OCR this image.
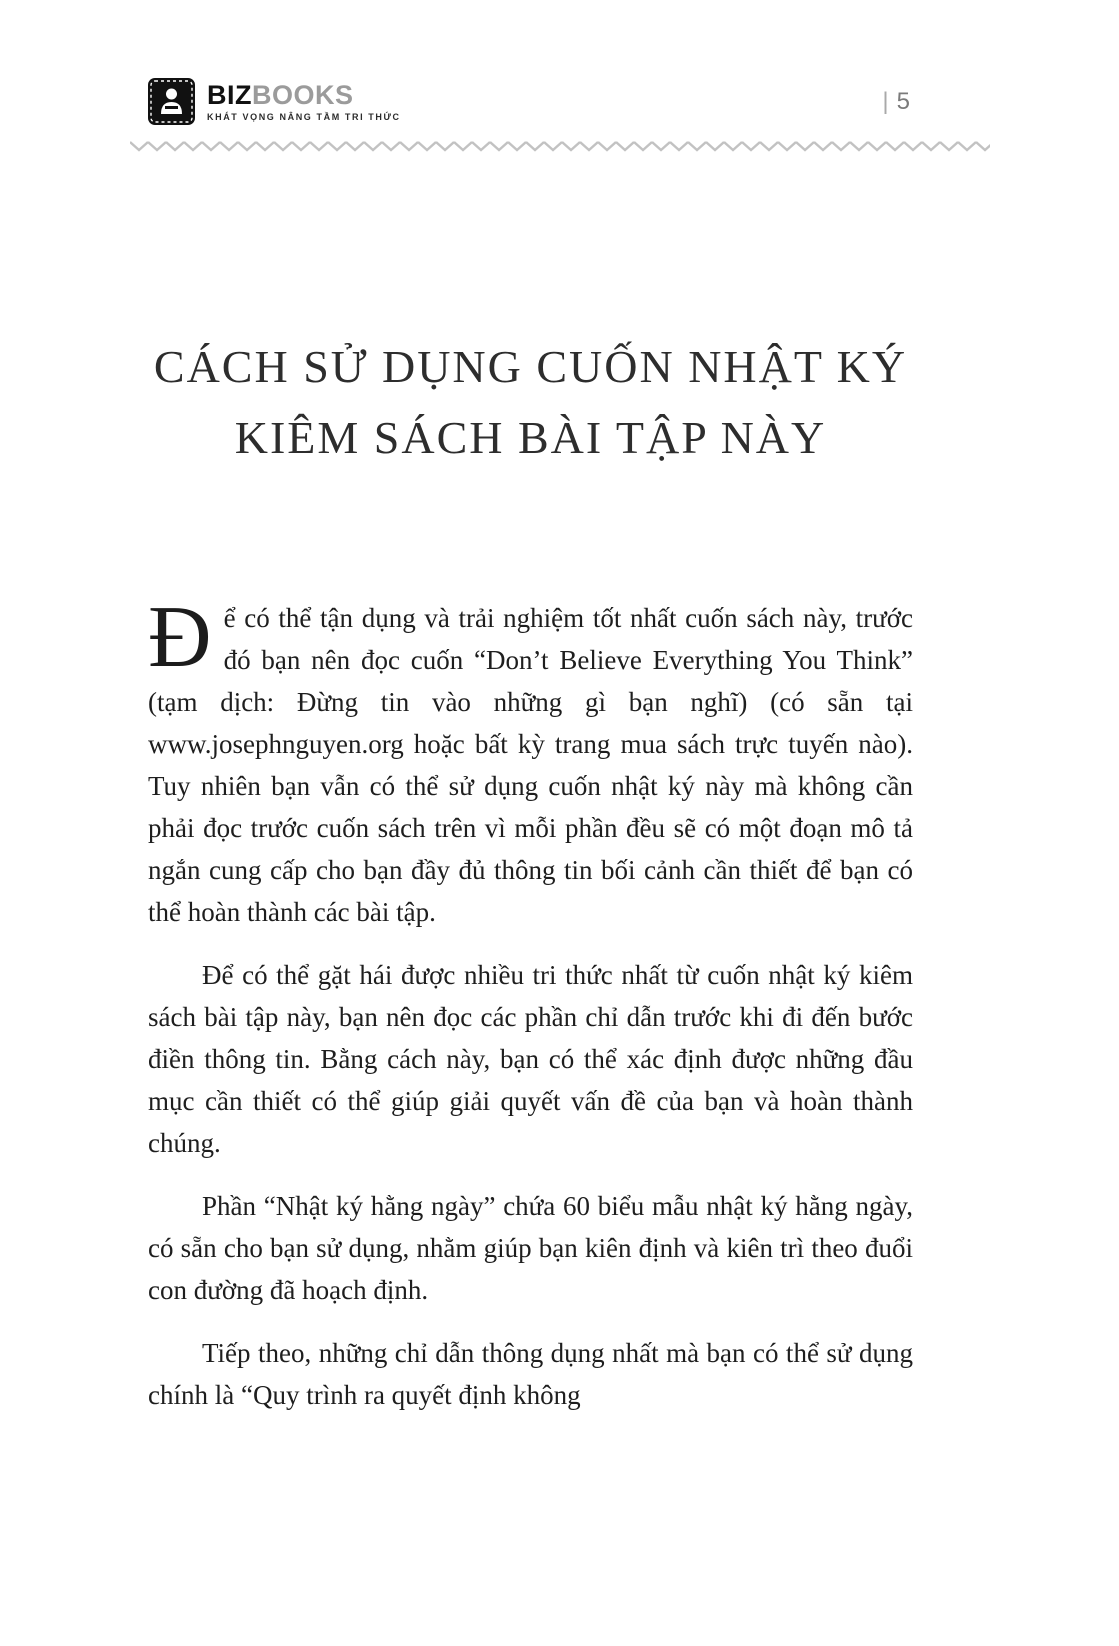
BIZBOOKS
KHÁT VỌNG NÂNG TẦM TRI THỨC
| 5
CÁCH SỬ DỤNG CUỐN NHẬT KÝ
KIÊM SÁCH BÀI TẬP NÀY

Để có thể tận dụng và trải nghiệm tốt nhất cuốn sách này, trước đó bạn nên đọc cuốn “Don’t Believe Everything You Think” (tạm dịch: Đừng tin vào những gì bạn nghĩ) (có sẵn tại www.josephnguyen.org hoặc bất kỳ trang mua sách trực tuyến nào). Tuy nhiên bạn vẫn có thể sử dụng cuốn nhật ký này mà không cần phải đọc trước cuốn sách trên vì mỗi phần đều sẽ có một đoạn mô tả ngắn cung cấp cho bạn đầy đủ thông tin bối cảnh cần thiết để bạn có thể hoàn thành các bài tập.

Để có thể gặt hái được nhiều tri thức nhất từ cuốn nhật ký kiêm sách bài tập này, bạn nên đọc các phần chỉ dẫn trước khi đi đến bước điền thông tin. Bằng cách này, bạn có thể xác định được những đầu mục cần thiết có thể giúp giải quyết vấn đề của bạn và hoàn thành chúng.

Phần “Nhật ký hằng ngày” chứa 60 biểu mẫu nhật ký hằng ngày, có sẵn cho bạn sử dụng, nhằm giúp bạn kiên định và kiên trì theo đuổi con đường đã hoạch định.

Tiếp theo, những chỉ dẫn thông dụng nhất mà bạn có thể sử dụng chính là “Quy trình ra quyết định không
